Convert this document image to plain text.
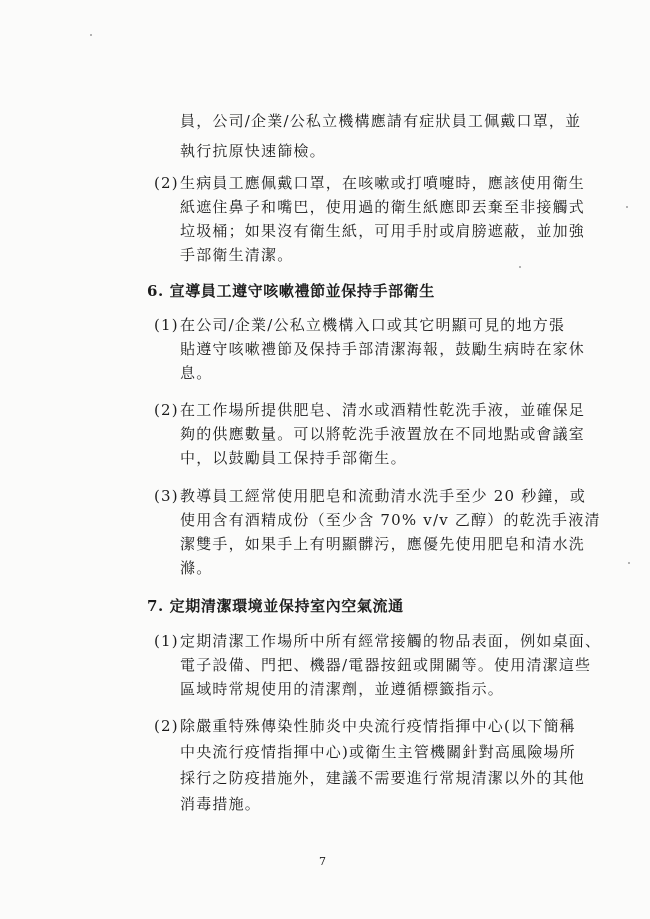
員，公司/企業/公私立機構應請有症狀員工佩戴口罩，並
執行抗原快速篩檢。
(2) 生病員工應佩戴口罩，在咳嗽或打噴嚏時，應該使用衛生
紙遮住鼻子和嘴巴，使用過的衛生紙應即丟棄至非接觸式
垃圾桶；如果沒有衛生紙，可用手肘或肩膀遮蔽，並加強
手部衛生清潔。
6. 宣導員工遵守咳嗽禮節並保持手部衛生
(1) 在公司/企業/公私立機構入口或其它明顯可見的地方張
貼遵守咳嗽禮節及保持手部清潔海報，鼓勵生病時在家休
息。
(2) 在工作場所提供肥皂、清水或酒精性乾洗手液，並確保足
夠的供應數量。可以將乾洗手液置放在不同地點或會議室
中，以鼓勵員工保持手部衛生。
(3) 教導員工經常使用肥皂和流動清水洗手至少 20 秒鐘，或
使用含有酒精成份（至少含 70% v/v 乙醇）的乾洗手液清
潔雙手，如果手上有明顯髒污，應優先使用肥皂和清水洗
滌。
7. 定期清潔環境並保持室內空氣流通
(1) 定期清潔工作場所中所有經常接觸的物品表面，例如桌面、
電子設備、門把、機器/電器按鈕或開關等。使用清潔這些
區域時常規使用的清潔劑，並遵循標籤指示。
(2) 除嚴重特殊傳染性肺炎中央流行疫情指揮中心(以下簡稱
中央流行疫情指揮中心)或衛生主管機關針對高風險場所
採行之防疫措施外，建議不需要進行常規清潔以外的其他
消毒措施。
7
